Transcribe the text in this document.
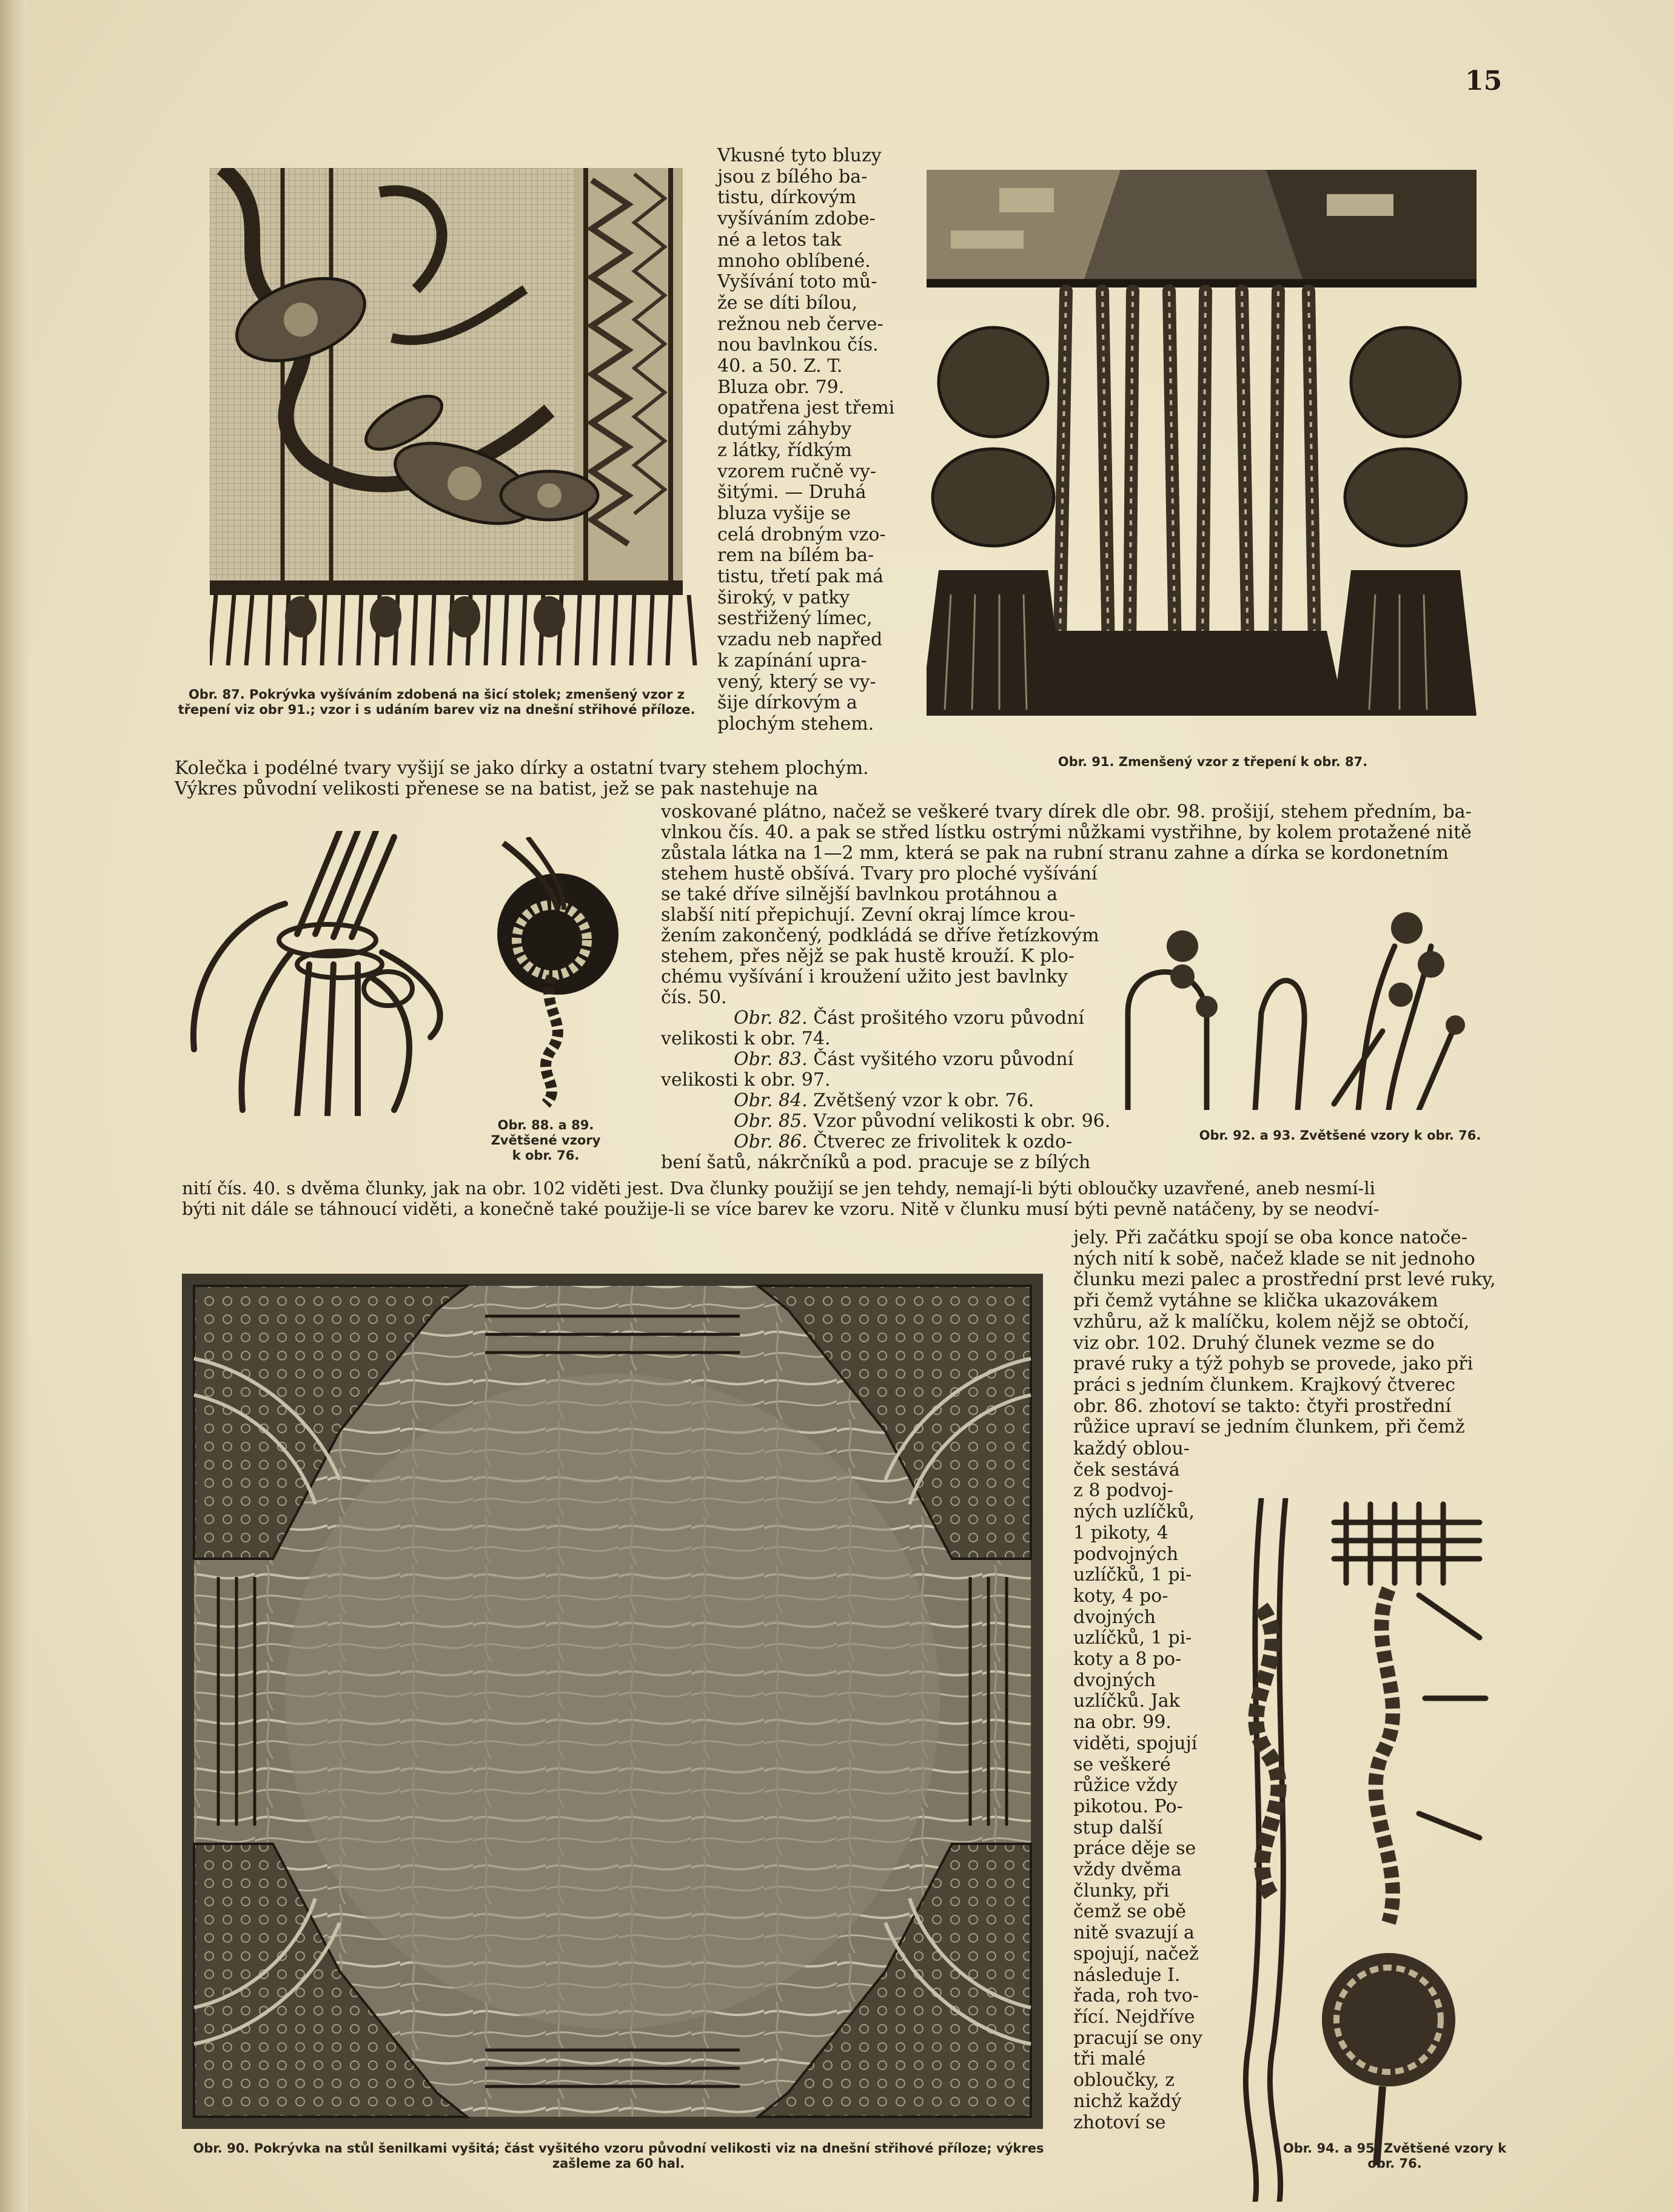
15
Obr. 87. Pokrývka vyšíváním zdobená na šicí stolek; zmenšený vzor z třepení viz obr 91.; vzor i s udáním barev viz na dnešní střihové příloze.
Obr. 91. Zmenšený vzor z třepení k obr. 87.
Obr. 88. a 89. Zvětšené vzory k obr. 76.
Obr. 92. a 93. Zvětšené vzory k obr. 76.
Obr. 90. Pokrývka na stůl šenilkami vyšitá; část vyšitého vzoru původní velikosti viz na dnešní střihové příloze; výkres zašleme za 60 hal.
Obr. 94. a 95. Zvětšené vzory k obr. 76.
Vkusné tyto bluzy
jsou z bílého ba-
tistu, dírkovým
vyšíváním zdobe-
né a letos tak
mnoho oblíbené.
Vyšívání toto mů-
že se díti bílou,
režnou neb červe-
nou bavlnkou čís.
40. a 50. Z. T.
Bluza obr. 79.
opatřena jest třemi
dutými záhyby
z látky, řídkým
vzorem ručně vy-
šitými. — Druhá
bluza vyšije se
celá drobným vzo-
rem na bílém ba-
tistu, třetí pak má
široký, v patky
sestřižený límec,
vzadu neb napřed
k zapínání upra-
vený, který se vy-
šije dírkovým a
plochým stehem.
Kolečka i podélné tvary vyšijí se jako dírky a ostatní tvary stehem plochým.
Výkres původní velikosti přenese se na batist, jež se pak nastehuje na
voskované plátno, načež se veškeré tvary dírek dle obr. 98. prošijí, stehem předním, ba-
vlnkou čís. 40. a pak se střed lístku ostrými nůžkami vystřihne, by kolem protažené nitě
zůstala látka na 1—2 mm, která se pak na rubní stranu zahne a dírka se kordonetním
stehem hustě obšívá. Tvary pro ploché vyšívání
se také dříve silnější bavlnkou protáhnou a
slabší nití přepichují. Zevní okraj límce krou-
žením zakončený, podkládá se dříve řetízkovým
stehem, přes nějž se pak hustě krouží. K plo-
chému vyšívání i kroužení užito jest bavlnky
čís. 50.
Obr. 82. Část prošitého vzoru původní
velikosti k obr. 74.
Obr. 83. Část vyšitého vzoru původní
velikosti k obr. 97.
Obr. 84. Zvětšený vzor k obr. 76.
Obr. 85. Vzor původní velikosti k obr. 96.
Obr. 86. Čtverec ze frivolitek k ozdo-
bení šatů, nákrčníků a pod. pracuje se z bílých
nití čís. 40. s dvěma člunky, jak na obr. 102 viděti jest. Dva člunky použijí se jen tehdy, nemají-li býti obloučky uzavřené, aneb nesmí-li
býti nit dále se táhnoucí viděti, a konečně také použije-li se více barev ke vzoru. Nitě v člunku musí býti pevně natáčeny, by se neodví-
jely. Při začátku spojí se oba konce natoče-
ných nití k sobě, načež klade se nit jednoho
člunku mezi palec a prostřední prst levé ruky,
při čemž vytáhne se klička ukazovákem
vzhůru, až k malíčku, kolem nějž se obtočí,
viz obr. 102. Druhý člunek vezme se do
pravé ruky a týž pohyb se provede, jako při
práci s jedním člunkem. Krajkový čtverec
obr. 86. zhotoví se takto: čtyři prostřední
růžice upraví se jedním člunkem, při čemž
každý oblou-
ček sestává
z 8 podvoj-
ných uzlíčků,
1 pikoty, 4
podvojných
uzlíčků, 1 pi-
koty, 4 po-
dvojných
uzlíčků, 1 pi-
koty a 8 po-
dvojných
uzlíčků. Jak
na obr. 99.
viděti, spojují
se veškeré
růžice vždy
pikotou. Po-
stup další
práce děje se
vždy dvěma
člunky, při
čemž se obě
nitě svazují a
spojují, načež
následuje I.
řada, roh tvo-
řící. Nejdříve
pracují se ony
tři malé
obloučky, z
nichž každý
zhotoví se
